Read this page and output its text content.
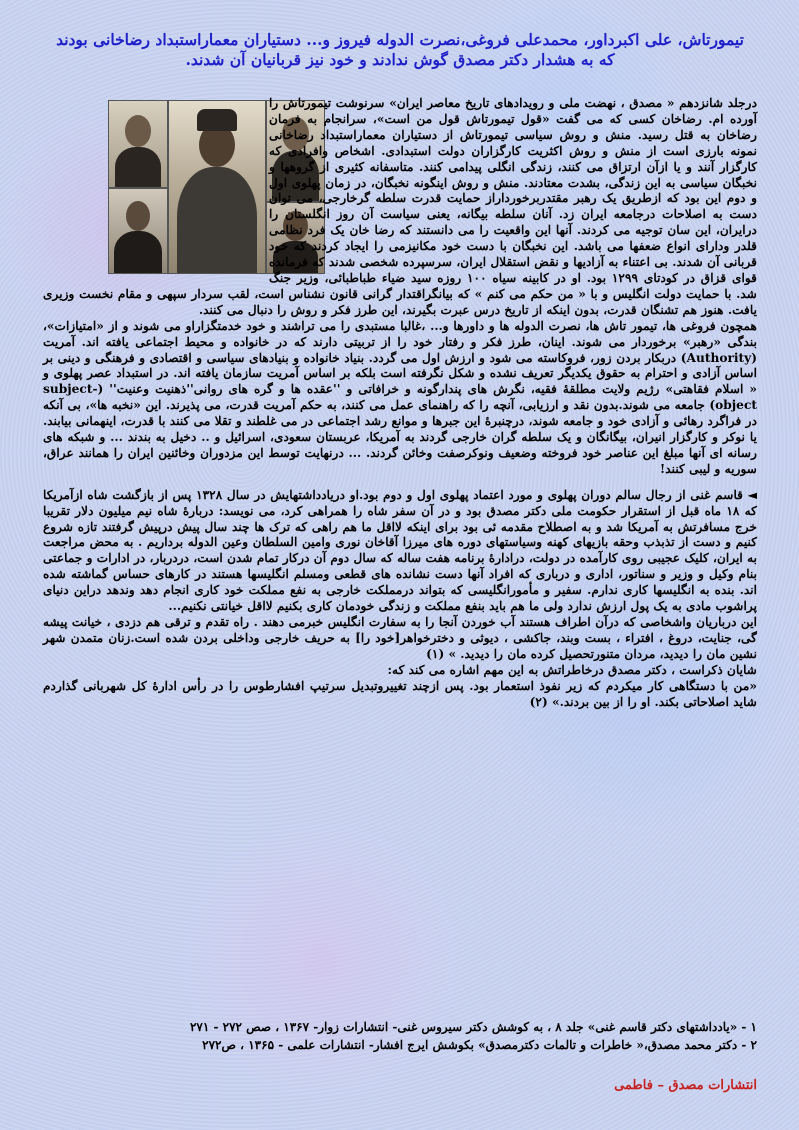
تیمورتاش، علی اکبرداور، محمدعلی فروغی،نصرت الدوله فیروز و... دستیاران معماراستبداد رضاخانی بودند
که به هشدار دکتر مصدق گوش ندادند و خود نیز قربانیان آن شدند.

درجلد شانزدهم « مصدق ، نهضت ملی و رویدادهای تاریخ معاصر ایران» سرنوشت تیمورتاش را آورده ام. رضاخان کسی که می گفت «قول تیمورتاش قول من است»، سرانجام به فرمان رضاخان به قتل رسید. منش و روش سیاسی تیمورتاش از دستیاران معماراستبداد رضاخانی نمونه بارزی است از منش و روش اکثریت کارگزاران دولت استبدادی. اشخاص وافرادی که کارگزار آنند و یا ازآن ارتزاق می کنند، زندگی انگلی پیدامی کنند. متاسفانه کثیری از گروهها و نخبگان سیاسی به این زندگی، بشدت معتادند. منش و روش اینگونه نخبگان، در زمان پهلوی اول و دوم این بود که ازطریق یک رهبر مقتدربرخورداراز حمایت قدرت سلطه گرخارجی، می توان دست به اصلاحات درجامعه ایران زد. آنان سلطه بیگانه، یعنی سیاست آن روز انگلستان را درایران، این سان توجیه می کردند. آنها این واقعیت را می دانستند که رضا خان یک فرد نظامی قلدر ودارای انواع ضعفها می باشد. این نخبگان با دست خود مکانیزمی را ایجاد کردند که خود قربانی آن شدند. بی اعتناء به آزادیها و نقض استقلال ایران، سرسپرده شخصی شدند که فرمانده قوای قزاق در کودتای ۱۲۹۹ بود. او در کابینه سیاه ۱۰۰ روزه سید ضیاء طباطبائی، وزیر جنگ شد. با حمایت دولت انگلیس و با « من حکم می کنم » که بیانگراقتدار گرانی قانون نشناس است، لقب سردار سپهی و مقام نخست وزیری یافت. هنوز هم تشنگان قدرت، بدون اینکه از تاریخ درس عبرت بگیرند، این طرز فکر و روش را دنبال می کنند.

همچون فروغی ها، تیمور تاش ها، نصرت الدوله ها و داورها و... ،غالبا مستبدی را می تراشند و خود خدمتگزاراو می شوند و از «امتیازات»، بندگی «رهبر» برخوردار می شوند. اینان، طرز فکر و رفتار خود را از تربیتی دارند که در خانواده و محیط اجتماعی یافته اند. آمریت (Authority) دربکار بردن زور، فروکاسته می شود و ارزش اول می گردد. بنیاد خانواده و بنیادهای سیاسی و اقتصادی و فرهنگی و دینی بر اساس آزادی و احترام به حقوق یکدیگر تعریف نشده و شکل نگرفته است بلکه بر اساس آمریت سازمان یافته اند. در استبداد عصر پهلوی و « اسلام فقاهتی» رژیم ولایت مطلقهٔ فقیه، نگرش های پندارگونه و خرافاتی و ''عقده ها و گره های روانی''ذهنیت وعنیت'' (subject-object) جامعه می شوند.بدون نقد و ارزیابی، آنچه را که راهنمای عمل می کنند، به حکم آمریت قدرت، می پذیرند. این «نخبه ها»، بی آنکه در فراگرد رهائی و آزادی خود و جامعه شوند، درچنبرهٔ این جبرها و موانع رشد اجتماعی در می غلطند و تقلا می کنند با قدرت، اینهمانی بیابند. یا نوکر و کارگزار انیران، بیگانگان و یک سلطه گران خارجی گردند به آمریکا، عربستان سعودی، اسرائیل و .. دخیل به بندند ... و شبکه های رسانه ای آنها مبلغ این عناصر خود فروخته وضعیف ونوکرصفت وخائن گردند. ... درنهایت توسط این مزدوران وخائنین ایران را همانند عراق، سوریه و لیبی کنند!

◄ قاسم غنی از رجال سالم دوران پهلوی و مورد اعتماد پهلوی اول و دوم بود.او دریادداشتهایش در سال ۱۳۲۸ پس از بازگشت شاه ازآمریکا که ۱۸ ماه قبل از استقرار حکومت ملی دکتر مصدق بود و در آن سفر شاه را همراهی کرد، می نویسد: دربارهٔ شاه نیم میلیون دلار تقریبا خرج مسافرتش به آمریکا شد و به اصطلاح مقدمه ئی بود برای اینکه لااقل ما هم راهی که ترک ها چند سال پیش درپیش گرفتند تازه شروع کنیم و دست از تذبذب وحقه بازیهای کهنه وسیاستهای دوره های میرزا آقاخان نوری وامین السلطان وعین الدوله برداریم . به محض مراجعت به ایران، کلیک عجیبی روی کارآمده در دولت، درادارهٔ برنامه هفت ساله که سال دوم آن درکار تمام شدن است، دردربار، در ادارات و جماعتی بنام وکیل و وزیر و سناتور، اداری و درباری که افراد آنها دست نشانده های قطعی ومسلم انگلیسها هستند در کارهای حساس گماشته شده اند. بنده به انگلیسها کاری ندارم. سفیر و مأمورانگلیسی که بتواند درمملکت خارجی به نفع مملکت خود کاری انجام دهد وندهد دراین دنیای پراشوب مادی به یک پول ارزش ندارد ولی ما هم باید بنفع مملکت و زندگی خودمان کاری بکنیم لااقل خیانتی نکنیم...

این درباریان واشخاصی که درآن اطراف هستند آب خوردن آنجا را به سفارت انگلیس خبرمی دهند . راه تقدم و ترقی هم دزدی ، خیانت پیشه گی، جنایت، دروغ ، افتراء ، بست وبند، جاکشی ، دیوثی و دخترخواهر[خود را] به حریف خارجی وداخلی بردن شده است.زنان متمدن شهر نشین مان را دیدید، مردان متنورتحصیل کرده مان را دیدید. » (۱)

شایان ذکراست ، دکتر مصدق درخاطراتش به این مهم اشاره می کند که:

«من با دستگاهی کار میکردم که زیر نفوذ استعمار بود. پس ازچند تغییروتبدیل سرتیپ افشارطوس را در رأس ادارهٔ کل شهربانی گذاردم شاید اصلاحاتی بکند. او را از بین بردند.» (۲)

۱ - «یادداشتهای دکتر قاسم غنی» جلد ۸ ، به کوشش دکتر سیروس غنی- انتشارات زوار- ۱۳۶۷ ، صص ۲۷۲ - ۲۷۱
۲ - دکتر محمد مصدق،« خاطرات و تالمات دکترمصدق» بکوشش ایرج افشار- انتشارات علمی - ۱۳۶۵ ، ص۲۷۲
انتشارات مصدق – فاطمی
